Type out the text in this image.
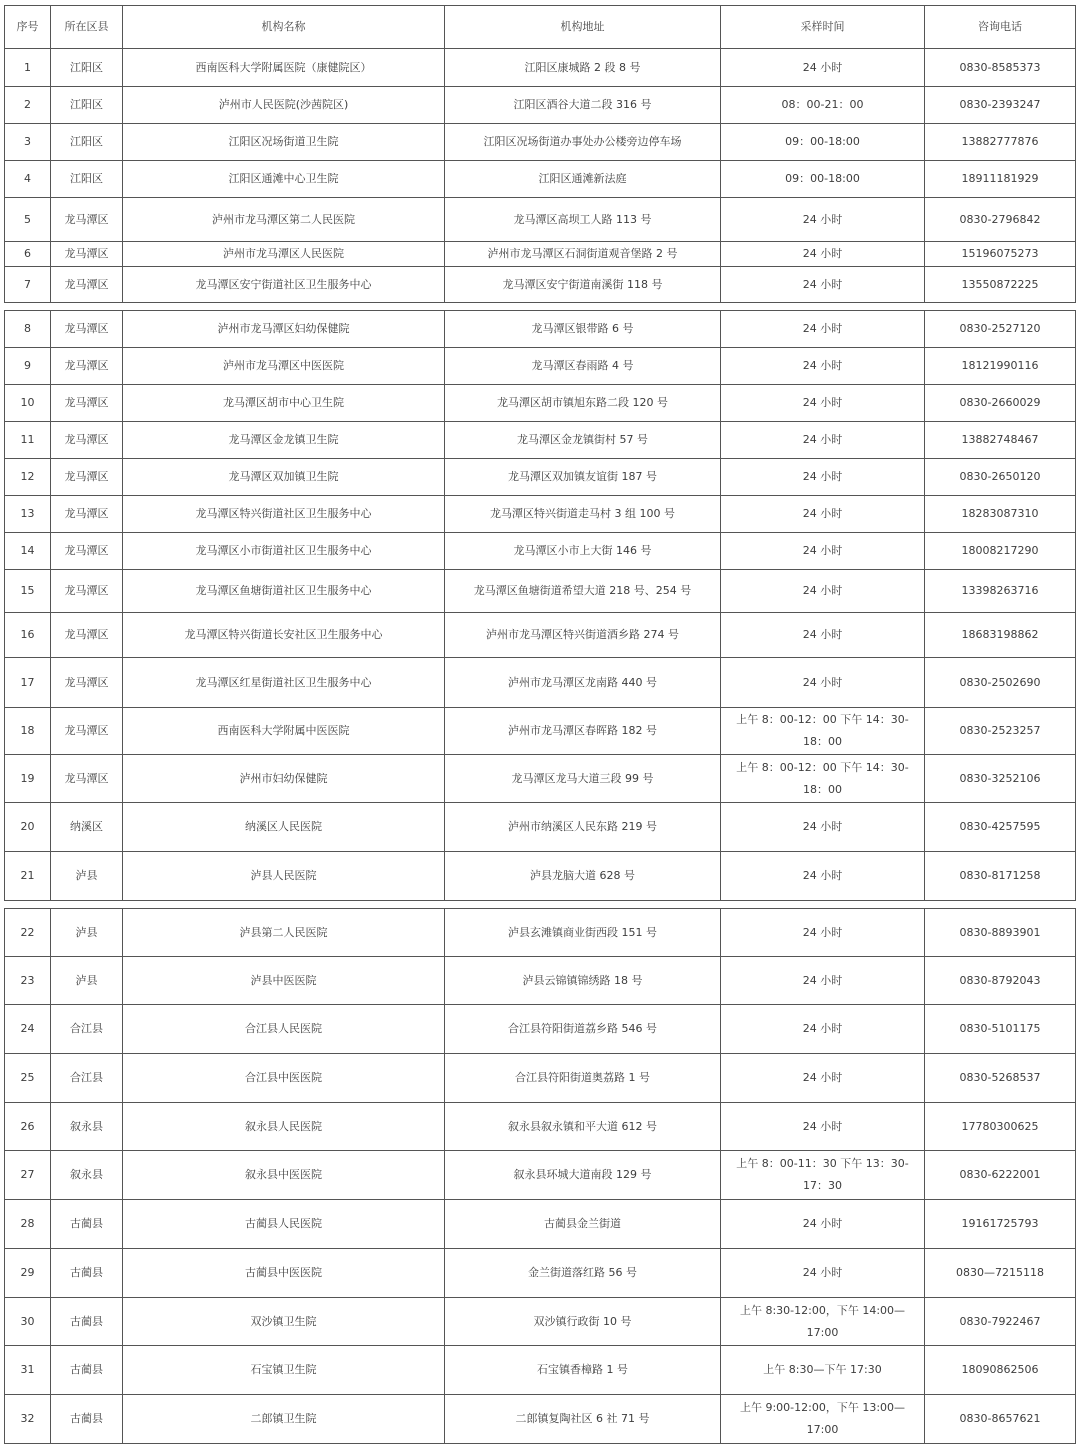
序号	所在区县	机构名称	机构地址	采样时间	咨询电话
1	江阳区	西南医科大学附属医院（康健院区）	江阳区康城路 2 段 8 号	24 小时	0830-8585373
2	江阳区	泸州市人民医院(沙茜院区)	江阳区酒谷大道二段 316 号	08：00-21：00	0830-2393247
3	江阳区	江阳区况场街道卫生院	江阳区况场街道办事处办公楼旁边停车场	09：00-18:00	13882777876
4	江阳区	江阳区通滩中心卫生院	江阳区通滩新法庭	09：00-18:00	18911181929
5	龙马潭区	泸州市龙马潭区第二人民医院	龙马潭区高坝工人路 113 号	24 小时	0830-2796842
6	龙马潭区	泸州市龙马潭区人民医院	泸州市龙马潭区石洞街道观音堡路 2 号	24 小时	15196075273
7	龙马潭区	龙马潭区安宁街道社区卫生服务中心	龙马潭区安宁街道南溪街 118 号	24 小时	13550872225
8	龙马潭区	泸州市龙马潭区妇幼保健院	龙马潭区银带路 6 号	24 小时	0830-2527120
9	龙马潭区	泸州市龙马潭区中医医院	龙马潭区春雨路 4 号	24 小时	18121990116
10	龙马潭区	龙马潭区胡市中心卫生院	龙马潭区胡市镇旭东路二段 120 号	24 小时	0830-2660029
11	龙马潭区	龙马潭区金龙镇卫生院	龙马潭区金龙镇街村 57 号	24 小时	13882748467
12	龙马潭区	龙马潭区双加镇卫生院	龙马潭区双加镇友谊街 187 号	24 小时	0830-2650120
13	龙马潭区	龙马潭区特兴街道社区卫生服务中心	龙马潭区特兴街道走马村 3 组 100 号	24 小时	18283087310
14	龙马潭区	龙马潭区小市街道社区卫生服务中心	龙马潭区小市上大街 146 号	24 小时	18008217290
15	龙马潭区	龙马潭区鱼塘街道社区卫生服务中心	龙马潭区鱼塘街道希望大道 218 号、254 号	24 小时	13398263716
16	龙马潭区	龙马潭区特兴街道长安社区卫生服务中心	泸州市龙马潭区特兴街道酒乡路 274 号	24 小时	18683198862
17	龙马潭区	龙马潭区红星街道社区卫生服务中心	泸州市龙马潭区龙南路 440 号	24 小时	0830-2502690
18	龙马潭区	西南医科大学附属中医医院	泸州市龙马潭区春晖路 182 号	上午 8：00-12：00 下午 14：30-18：00	0830-2523257
19	龙马潭区	泸州市妇幼保健院	龙马潭区龙马大道三段 99 号	上午 8：00-12：00 下午 14：30-18：00	0830-3252106
20	纳溪区	纳溪区人民医院	泸州市纳溪区人民东路 219 号	24 小时	0830-4257595
21	泸县	泸县人民医院	泸县龙脑大道 628 号	24 小时	0830-8171258
22	泸县	泸县第二人民医院	泸县玄滩镇商业街西段 151 号	24 小时	0830-8893901
23	泸县	泸县中医医院	泸县云锦镇锦绣路 18 号	24 小时	0830-8792043
24	合江县	合江县人民医院	合江县符阳街道荔乡路 546 号	24 小时	0830-5101175
25	合江县	合江县中医医院	合江县符阳街道奥荔路 1 号	24 小时	0830-5268537
26	叙永县	叙永县人民医院	叙永县叙永镇和平大道 612 号	24 小时	17780300625
27	叙永县	叙永县中医医院	叙永县环城大道南段 129 号	上午 8：00-11：30 下午 13：30-17：30	0830-6222001
28	古蔺县	古蔺县人民医院	古蔺县金兰街道	24 小时	19161725793
29	古蔺县	古蔺县中医医院	金兰街道落红路 56 号	24 小时	0830—7215118
30	古蔺县	双沙镇卫生院	双沙镇行政街 10 号	上午 8:30-12:00，下午 14:00—17:00	0830-7922467
31	古蔺县	石宝镇卫生院	石宝镇香樟路 1 号	上午 8:30—下午 17:30	18090862506
32	古蔺县	二郎镇卫生院	二郎镇复陶社区 6 社 71 号	上午 9:00-12:00，下午 13:00—17:00	0830-8657621
